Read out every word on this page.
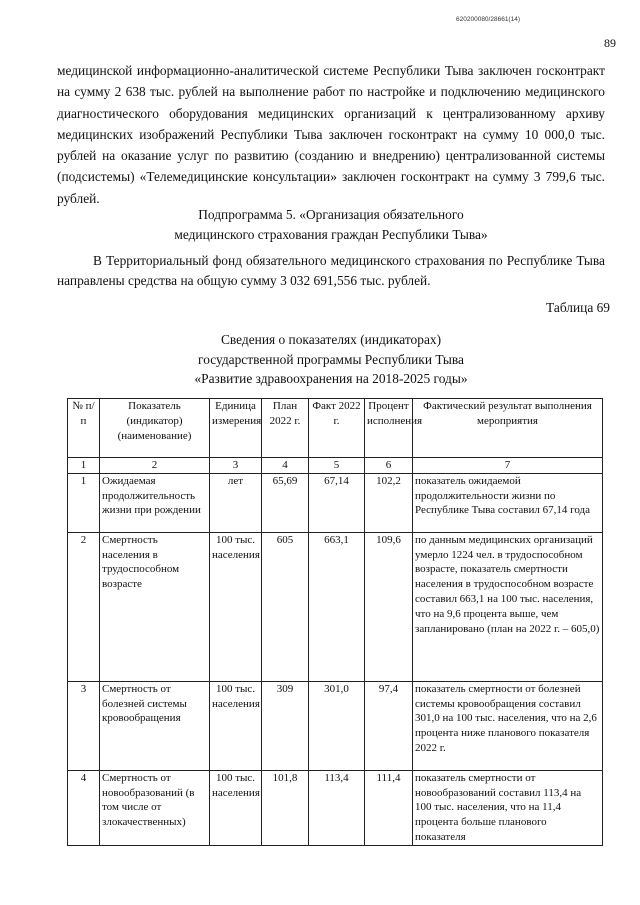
620200080/28661(14)
89

медицинской информационно-аналитической системе Республики Тыва заключен госконтракт на сумму 2 638 тыс. рублей на выполнение работ по настройке и подключению медицинского диагностического оборудования медицинских организаций к централизованному архиву медицинских изображений Республики Тыва заключен госконтракт на сумму 10 000,0 тыс. рублей на оказание услуг по развитию (созданию и внедрению) централизованной системы (подсистемы) «Телемедицинские консультации» заключен госконтракт на сумму 3 799,6 тыс. рублей.

Подпрограмма 5. «Организация обязательного
медицинского страхования граждан Республики Тыва»
В Территориальный фонд обязательного медицинского страхования по Республике Тыва направлены средства на общую сумму 3 032 691,556 тыс. рублей.
Таблица 69
Сведения о показателях (индикаторах)
государственной программы Республики Тыва
«Развитие здравоохранения на 2018-2025 годы»
№ п/п	Показатель (индикатор) (наименование)	Единица измерения	План 2022 г.	Факт 2022 г.	Процент исполнения	Фактический результат выполнения мероприятия
1	2	3	4	5	6	7
1	Ожидаемая продолжительность жизни при рождении	лет	65,69	67,14	102,2	показатель ожидаемой продолжительности жизни по Республике Тыва составил 67,14 года
2	Смертность населения в трудоспособном возрасте	100 тыс. населения	605	663,1	109,6	по данным медицинских организаций умерло 1224 чел. в трудоспособном возрасте, показатель смертности населения в трудоспособном возрасте составил 663,1 на 100 тыс. населения, что на 9,6 процента выше, чем запланировано (план на 2022 г. – 605,0)
3	Смертность от болезней системы кровообращения	100 тыс. населения	309	301,0	97,4	показатель смертности от болезней системы кровообращения составил 301,0 на 100 тыс. населения, что на 2,6 процента ниже планового показателя 2022 г.
4	Смертность от новообразований (в том числе от злокачественных)	100 тыс. населения	101,8	113,4	111,4	показатель смертности от новообразований составил 113,4 на 100 тыс. населения, что на 11,4 процента больше планового показателя
